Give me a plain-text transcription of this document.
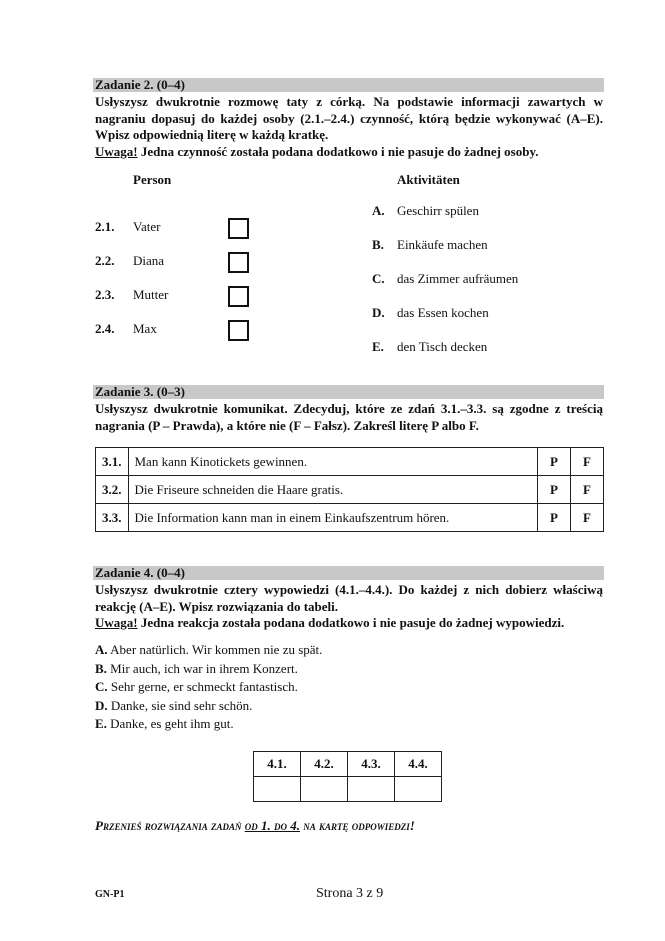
Zadanie 2. (0–4)

Usłyszysz dwukrotnie rozmowę taty z córką. Na podstawie informacji zawartych w nagraniu dopasuj do każdej osoby (2.1.–2.4.) czynność, którą będzie wykonywać (A–E). Wpisz odpowiednią literę w każdą kratkę.

Uwaga! Jedna czynność została podana dodatkowo i nie pasuje do żadnej osoby.

Person	Aktivitäten
2.1. Vater
2.2. Diana
2.3. Mutter
2.4. Max
A. Geschirr spülen
B. Einkäufe machen
C. das Zimmer aufräumen
D. das Essen kochen
E. den Tisch decken
Zadanie 3. (0–3)
Usłyszysz dwukrotnie komunikat. Zdecyduj, które ze zdań 3.1.–3.3. są zgodne z treścią nagrania (P – Prawda), a które nie (F – Fałsz). Zakreśl literę P albo F.
3.1.	Man kann Kinotickets gewinnen.	P	F
3.2.	Die Friseure schneiden die Haare gratis.	P	F
3.3.	Die Information kann man in einem Einkaufszentrum hören.	P	F
Zadanie 4. (0–4)

Usłyszysz dwukrotnie cztery wypowiedzi (4.1.–4.4.). Do każdej z nich dobierz właściwą reakcję (A–E). Wpisz rozwiązania do tabeli.

Uwaga! Jedna reakcja została podana dodatkowo i nie pasuje do żadnej wypowiedzi.

A. Aber natürlich. Wir kommen nie zu spät.
B. Mir auch, ich war in ihrem Konzert.
C. Sehr gerne, er schmeckt fantastisch.
D. Danke, sie sind sehr schön.
E. Danke, es geht ihm gut.
4.1.	4.2.	4.3.	4.4.

Przenieś rozwiązania zadań od 1. do 4. na kartę odpowiedzi!
GN-P1	Strona 3 z 9
